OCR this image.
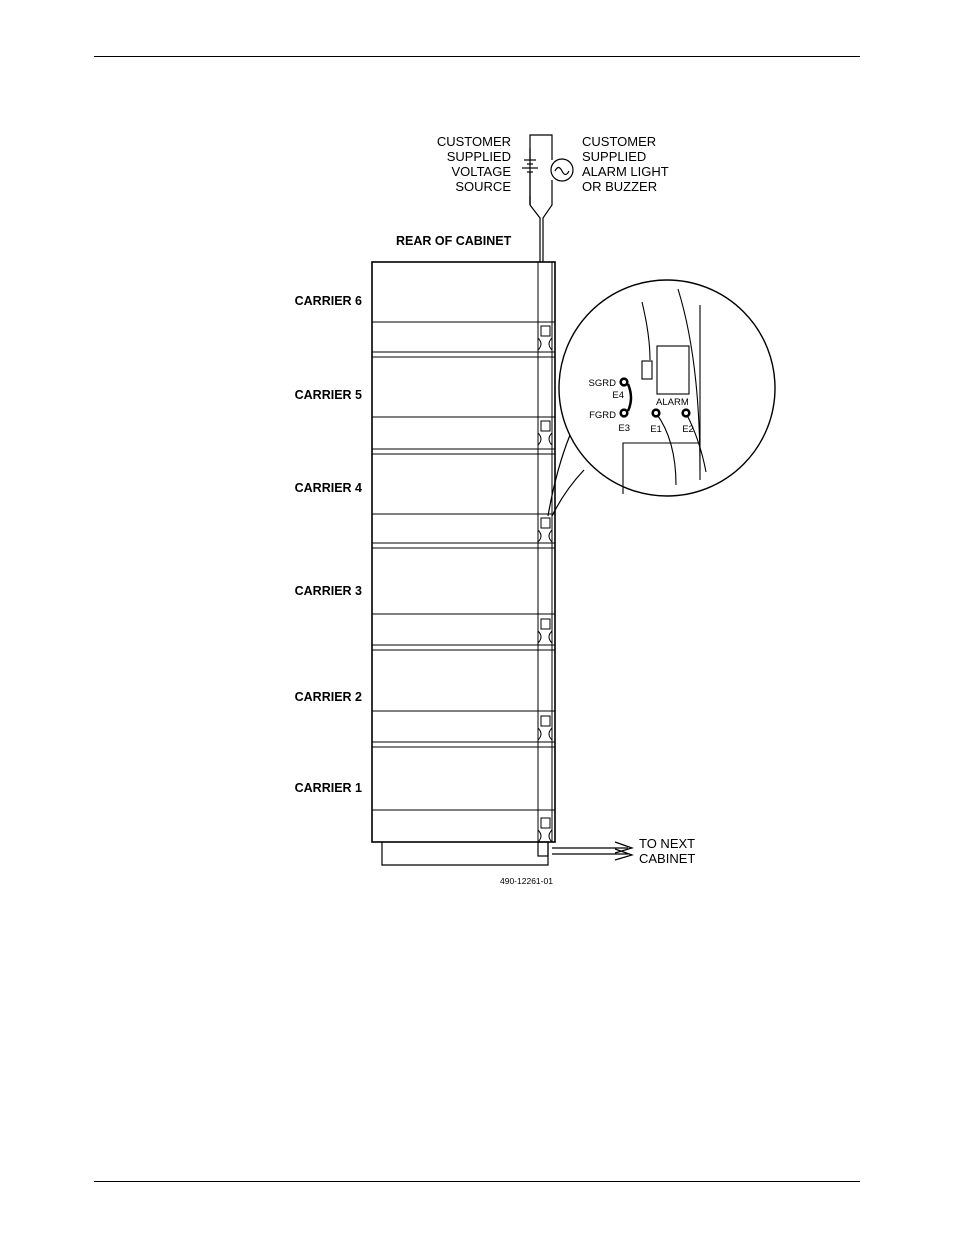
CUSTOMER
SUPPLIED
VOLTAGE
SOURCE
CUSTOMER
SUPPLIED
ALARM LIGHT
OR BUZZER
REAR OF CABINET
CARRIER 6
CARRIER 5
CARRIER 4
CARRIER 3
CARRIER 2
CARRIER 1
SGRD
E4
FGRD
E3
ALARM
E1 E2
TO NEXT
CABINET
490-12261-01
